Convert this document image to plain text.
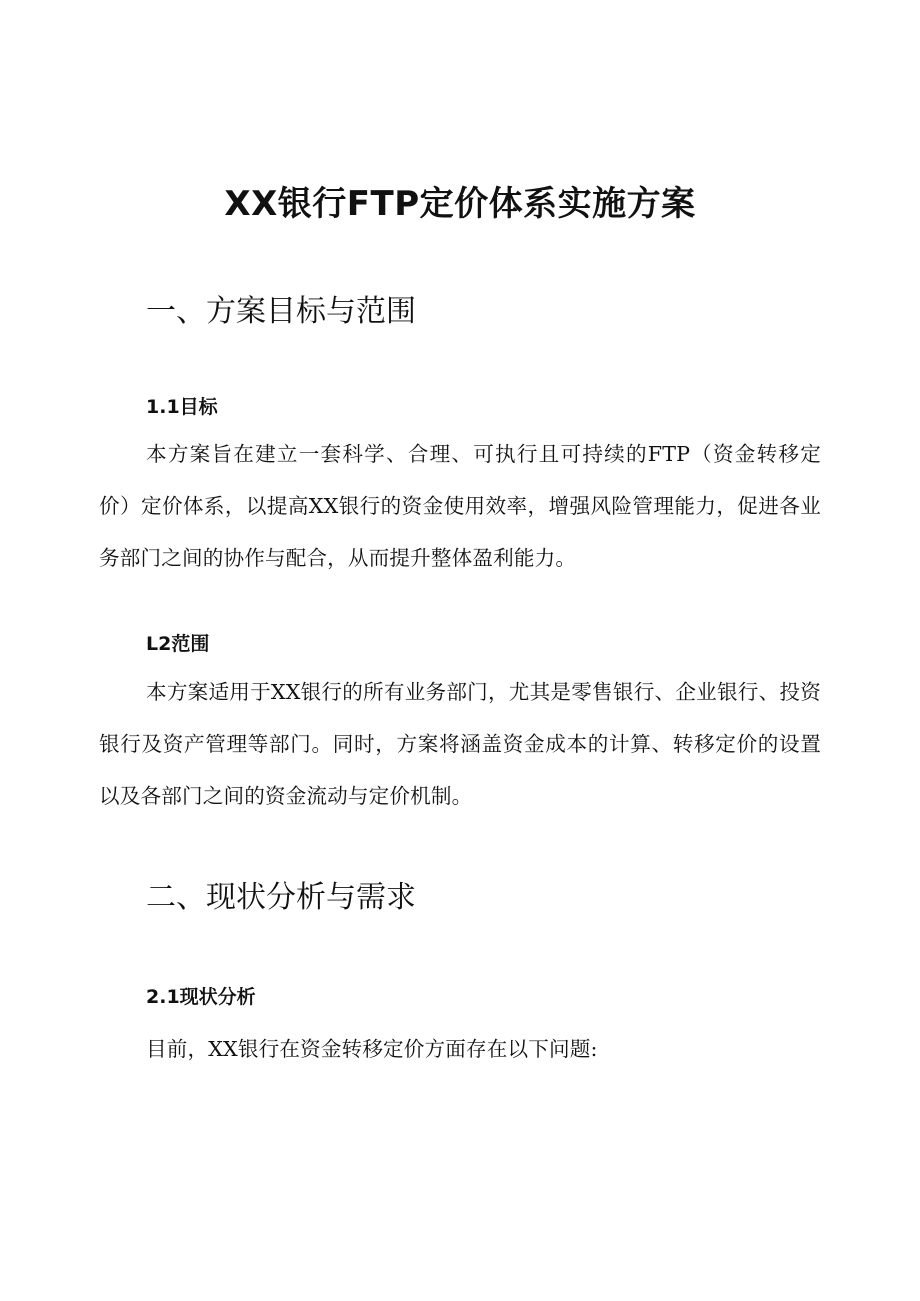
XX银行FTP定价体系实施方案
一、方案目标与范围
1.1目标

本方案旨在建立一套科学、合理、可执行且可持续的FTP（资金转移定价）定价体系，以提高XX银行的资金使用效率，增强风险管理能力，促进各业务部门之间的协作与配合，从而提升整体盈利能力。

L2范围

本方案适用于XX银行的所有业务部门，尤其是零售银行、企业银行、投资银行及资产管理等部门。同时，方案将涵盖资金成本的计算、转移定价的设置以及各部门之间的资金流动与定价机制。

二、现状分析与需求
2.1现状分析

目前，XX银行在资金转移定价方面存在以下问题:
